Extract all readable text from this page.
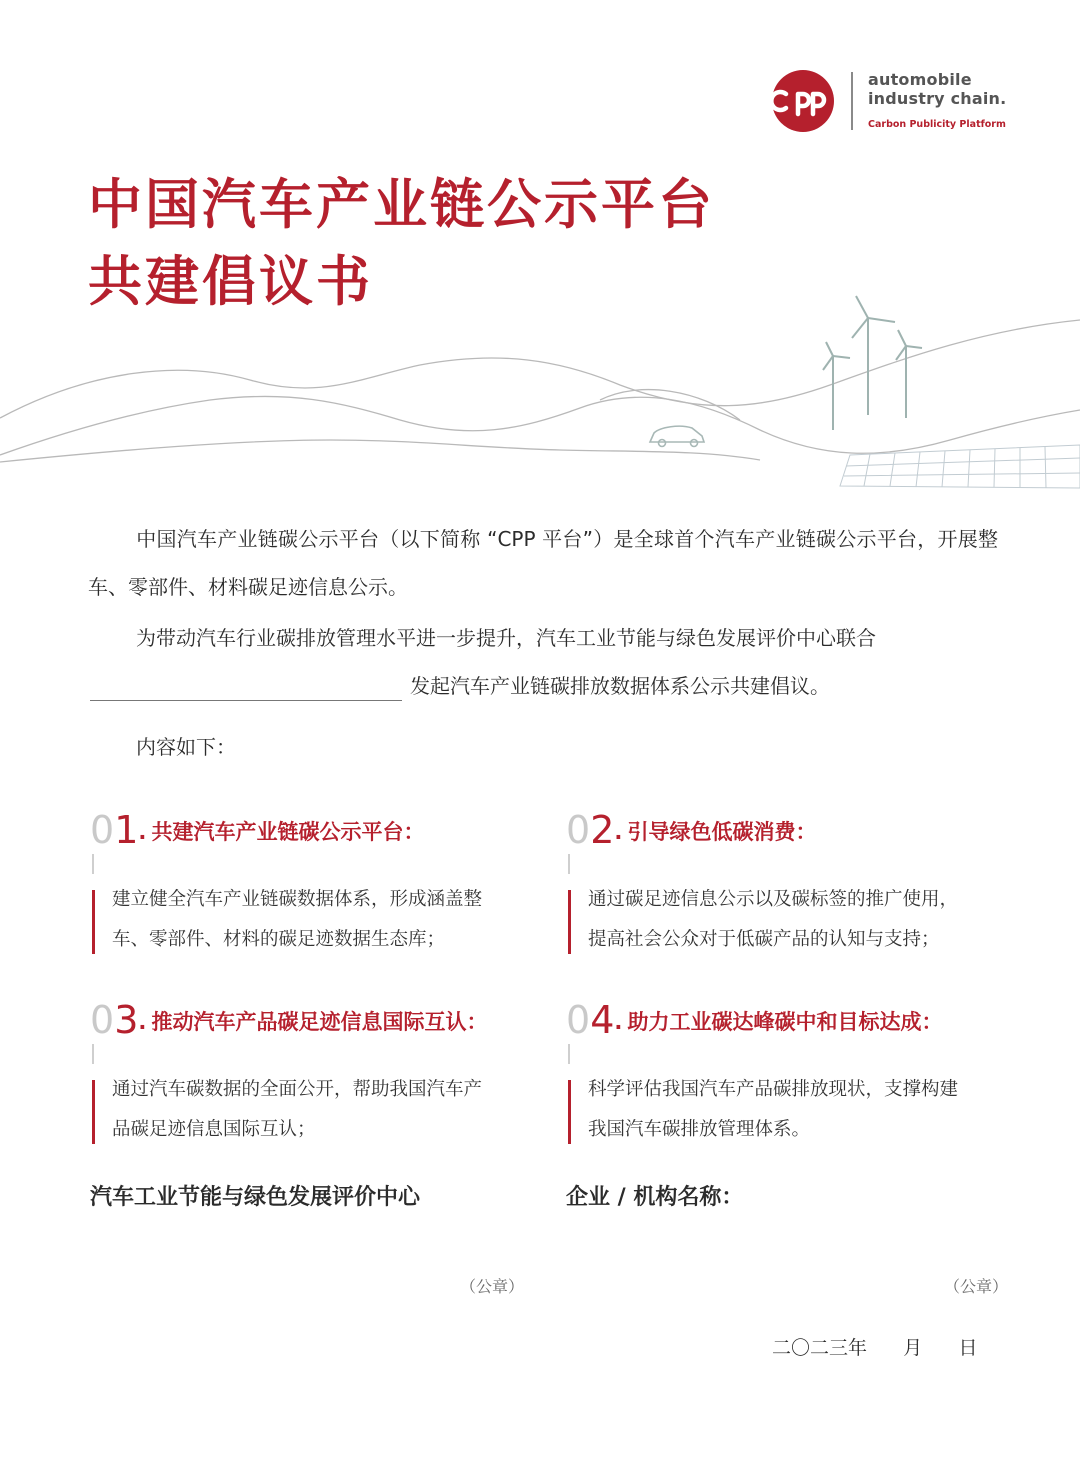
automobile
industry chain.
Carbon Publicity Platform
中国汽车产业链公示平台
共建倡议书
中国汽车产业链碳公示平台（以下简称 “CPP 平台”）是全球首个汽车产业链碳公示平台，开展整车、零部件、材料碳足迹信息公示。
为带动汽车行业碳排放管理水平进一步提升，汽车工业节能与绿色发展评价中心联合
发起汽车产业链碳排放数据体系公示共建倡议。
内容如下：
01. 共建汽车产业链碳公示平台：
建立健全汽车产业链碳数据体系，形成涵盖整
车、零部件、材料的碳足迹数据生态库；
02. 引导绿色低碳消费：
通过碳足迹信息公示以及碳标签的推广使用，
提高社会公众对于低碳产品的认知与支持；
03. 推动汽车产品碳足迹信息国际互认：
通过汽车碳数据的全面公开，帮助我国汽车产
品碳足迹信息国际互认；
04. 助力工业碳达峰碳中和目标达成：
科学评估我国汽车产品碳排放现状，支撑构建
我国汽车碳排放管理体系。
汽车工业节能与绿色发展评价中心	企业 / 机构名称：
（公章）	（公章）
二〇二三年      月      日
